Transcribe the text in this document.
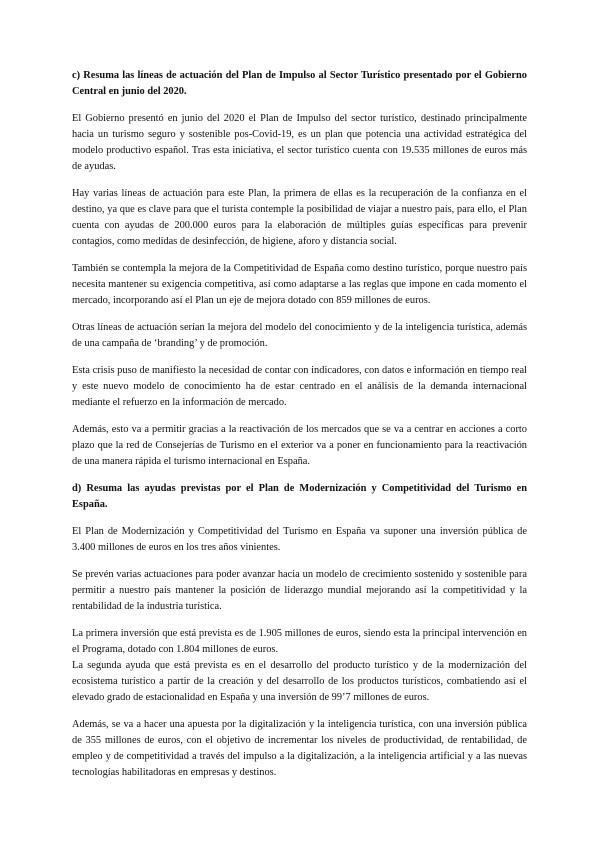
c) Resuma las líneas de actuación del Plan de Impulso al Sector Turístico presentado por el Gobierno Central en junio del 2020.

El Gobierno presentó en junio del 2020 el Plan de Impulso del sector turístico, destinado principalmente hacia un turismo seguro y sostenible pos-Covid-19, es un plan que potencia una actividad estratégica del modelo productivo español. Tras esta iniciativa, el sector turístico cuenta con 19.535 millones de euros más de ayudas.

Hay varias líneas de actuación para este Plan, la primera de ellas es la recuperación de la confianza en el destino, ya que es clave para que el turista contemple la posibilidad de viajar a nuestro país, para ello, el Plan cuenta con ayudas de 200.000 euros para la elaboración de múltiples guías específicas para prevenir contagios, como medidas de desinfección, de higiene, aforo y distancia social.

También se contempla la mejora de la Competitividad de España como destino turístico, porque nuestro país necesita mantener su exigencia competitiva, así como adaptarse a las reglas que impone en cada momento el mercado, incorporando así el Plan un eje de mejora dotado con 859 millones de euros.

Otras líneas de actuación serían la mejora del modelo del conocimiento y de la inteligencia turística, además de una campaña de ‘branding’ y de promoción.

Esta crisis puso de manifiesto la necesidad de contar con indicadores, con datos e información en tiempo real y este nuevo modelo de conocimiento ha de estar centrado en el análisis de la demanda internacional mediante el refuerzo en la información de mercado.

Además, esto va a permitir gracias a la reactivación de los mercados que se va a centrar en acciones a corto plazo que la red de Consejerías de Turismo en el exterior va a poner en funcionamiento para la reactivación de una manera rápida el turismo internacional en España.

d) Resuma las ayudas previstas por el Plan de Modernización y Competitividad del Turismo en España.

El Plan de Modernización y Competitividad del Turismo en España va suponer una inversión pública de 3.400 millones de euros en los tres años vinientes.

Se prevén varias actuaciones para poder avanzar hacia un modelo de crecimiento sostenido y sostenible para permitir a nuestro país mantener la posición de liderazgo mundial mejorando así la competitividad y la rentabilidad de la industria turística.

La primera inversión que está prevista es de 1.905 millones de euros, siendo esta la principal intervención en el Programa, dotado con 1.804 millones de euros.

La segunda ayuda que está prevista es en el desarrollo del producto turístico y de la modernización del ecosistema turístico a partir de la creación y del desarrollo de los productos turísticos, combatiendo así el elevado grado de estacionalidad en España y una inversión de 99’7 millones de euros.

Además, se va a hacer una apuesta por la digitalización y la inteligencia turística, con una inversión pública de 355 millones de euros, con el objetivo de incrementar los niveles de productividad, de rentabilidad, de empleo y de competitividad a través del impulso a la digitalización, a la inteligencia artificial y a las nuevas tecnologías habilitadoras en empresas y destinos.
